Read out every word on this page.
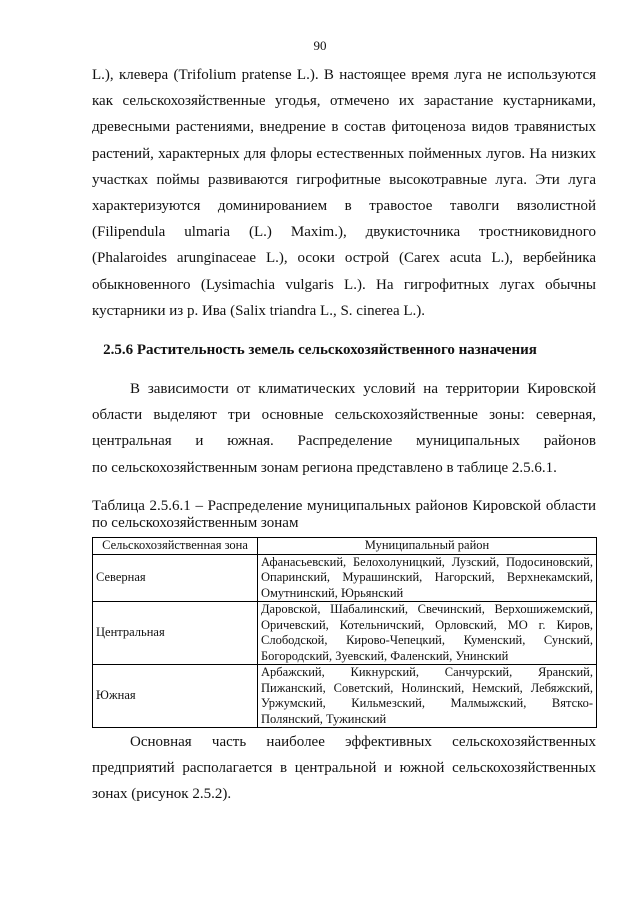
90

L.), клевера (Trifolium pratense L.). В настоящее время луга не используются
как сельскохозяйственные угодья, отмечено их зарастание кустарниками,
древесными растениями, внедрение в состав фитоценоза видов травянистых
растений, характерных для флоры естественных пойменных лугов. На низких
участках поймы развиваются гигрофитные высокотравные луга. Эти луга
характеризуются доминированием в травостое таволги вязолистной
(Filipendula ulmaria (L.) Maxim.), двукисточника тростниковидного
(Phalaroides arunginaceae L.), осоки острой (Carex acuta L.), вербейника
обыкновенного (Lysimachia vulgaris L.). На гигрофитных лугах обычны
кустарники из р. Ива (Salix triandra L., S. cinerea L.).

2.5.6 Растительность земель сельскохозяйственного назначения

В зависимости от климатических условий на территории Кировской
области выделяют три основные сельскохозяйственные зоны: северная,
центральная и южная. Распределение муниципальных районов
по сельскохозяйственным зонам региона представлено в таблице 2.5.6.1.

Таблица 2.5.6.1 – Распределение муниципальных районов Кировской области
по сельскохозяйственным зонам

Сельскохозяйственная зона	Муниципальный район
Северная	Афанасьевский, Белохолуницкий, Лузский, Подосиновский,
Опаринский, Мурашинский, Нагорский, Верхнекамский,
Омутнинский, Юрьянский

Центральная	Даровской, Шабалинский, Свечинский, Верхошижемский,
Оричевский, Котельничский, Орловский, МО г. Киров,
Слободской, Кирово-Чепецкий, Куменский, Сунский,
Богородский, Зуевский, Фаленский, Унинский

Южная	Арбажский, Кикнурский, Санчурский, Яранский,
Пижанский, Советский, Нолинский, Немский, Лебяжский,
Уржумский, Кильмезский, Малмыжский, Вятско-
Полянский, Тужинский

Основная часть наиболее эффективных сельскохозяйственных
предприятий располагается в центральной и южной сельскохозяйственных
зонах (рисунок 2.5.2).
